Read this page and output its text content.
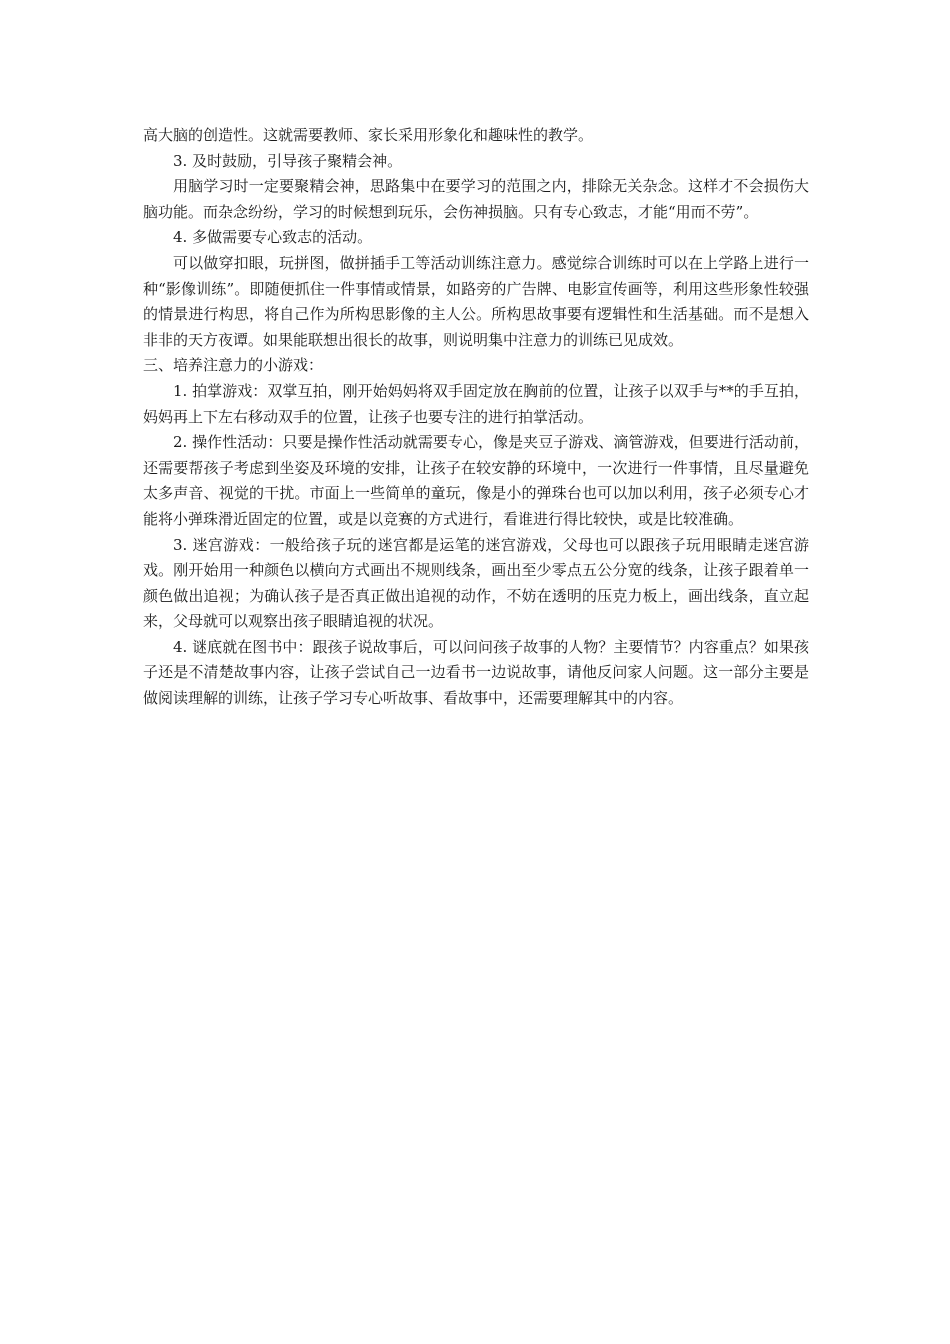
高大脑的创造性。这就需要教师、家长采用形象化和趣味性的教学。

3. 及时鼓励，引导孩子聚精会神。

用脑学习时一定要聚精会神，思路集中在要学习的范围之内，排除无关杂念。这样才不会损伤大脑功能。而杂念纷纷，学习的时候想到玩乐，会伤神损脑。只有专心致志，才能“用而不劳”。

4. 多做需要专心致志的活动。

可以做穿扣眼，玩拼图，做拼插手工等活动训练注意力。感觉综合训练时可以在上学路上进行一种“影像训练”。即随便抓住一件事情或情景，如路旁的广告牌、电影宣传画等，利用这些形象性较强的情景进行构思，将自己作为所构思影像的主人公。所构思故事要有逻辑性和生活基础。而不是想入非非的天方夜谭。如果能联想出很长的故事，则说明集中注意力的训练已见成效。

三、培养注意力的小游戏：

1. 拍掌游戏：双掌互拍，刚开始妈妈将双手固定放在胸前的位置，让孩子以双手与**的手互拍，妈妈再上下左右移动双手的位置，让孩子也要专注的进行拍掌活动。

2. 操作性活动：只要是操作性活动就需要专心，像是夹豆子游戏、滴管游戏，但要进行活动前，还需要帮孩子考虑到坐姿及环境的安排，让孩子在较安静的环境中，一次进行一件事情，且尽量避免太多声音、视觉的干扰。市面上一些简单的童玩，像是小的弹珠台也可以加以利用，孩子必须专心才能将小弹珠滑近固定的位置，或是以竞赛的方式进行，看谁进行得比较快，或是比较准确。

3. 迷宫游戏：一般给孩子玩的迷宫都是运笔的迷宫游戏，父母也可以跟孩子玩用眼睛走迷宫游戏。刚开始用一种颜色以横向方式画出不规则线条，画出至少零点五公分宽的线条，让孩子跟着单一颜色做出追视；为确认孩子是否真正做出追视的动作，不妨在透明的压克力板上，画出线条，直立起来，父母就可以观察出孩子眼睛追视的状况。

4. 谜底就在图书中：跟孩子说故事后，可以问问孩子故事的人物？主要情节？内容重点？如果孩子还是不清楚故事内容，让孩子尝试自己一边看书一边说故事，请他反问家人问题。这一部分主要是做阅读理解的训练，让孩子学习专心听故事、看故事中，还需要理解其中的内容。
